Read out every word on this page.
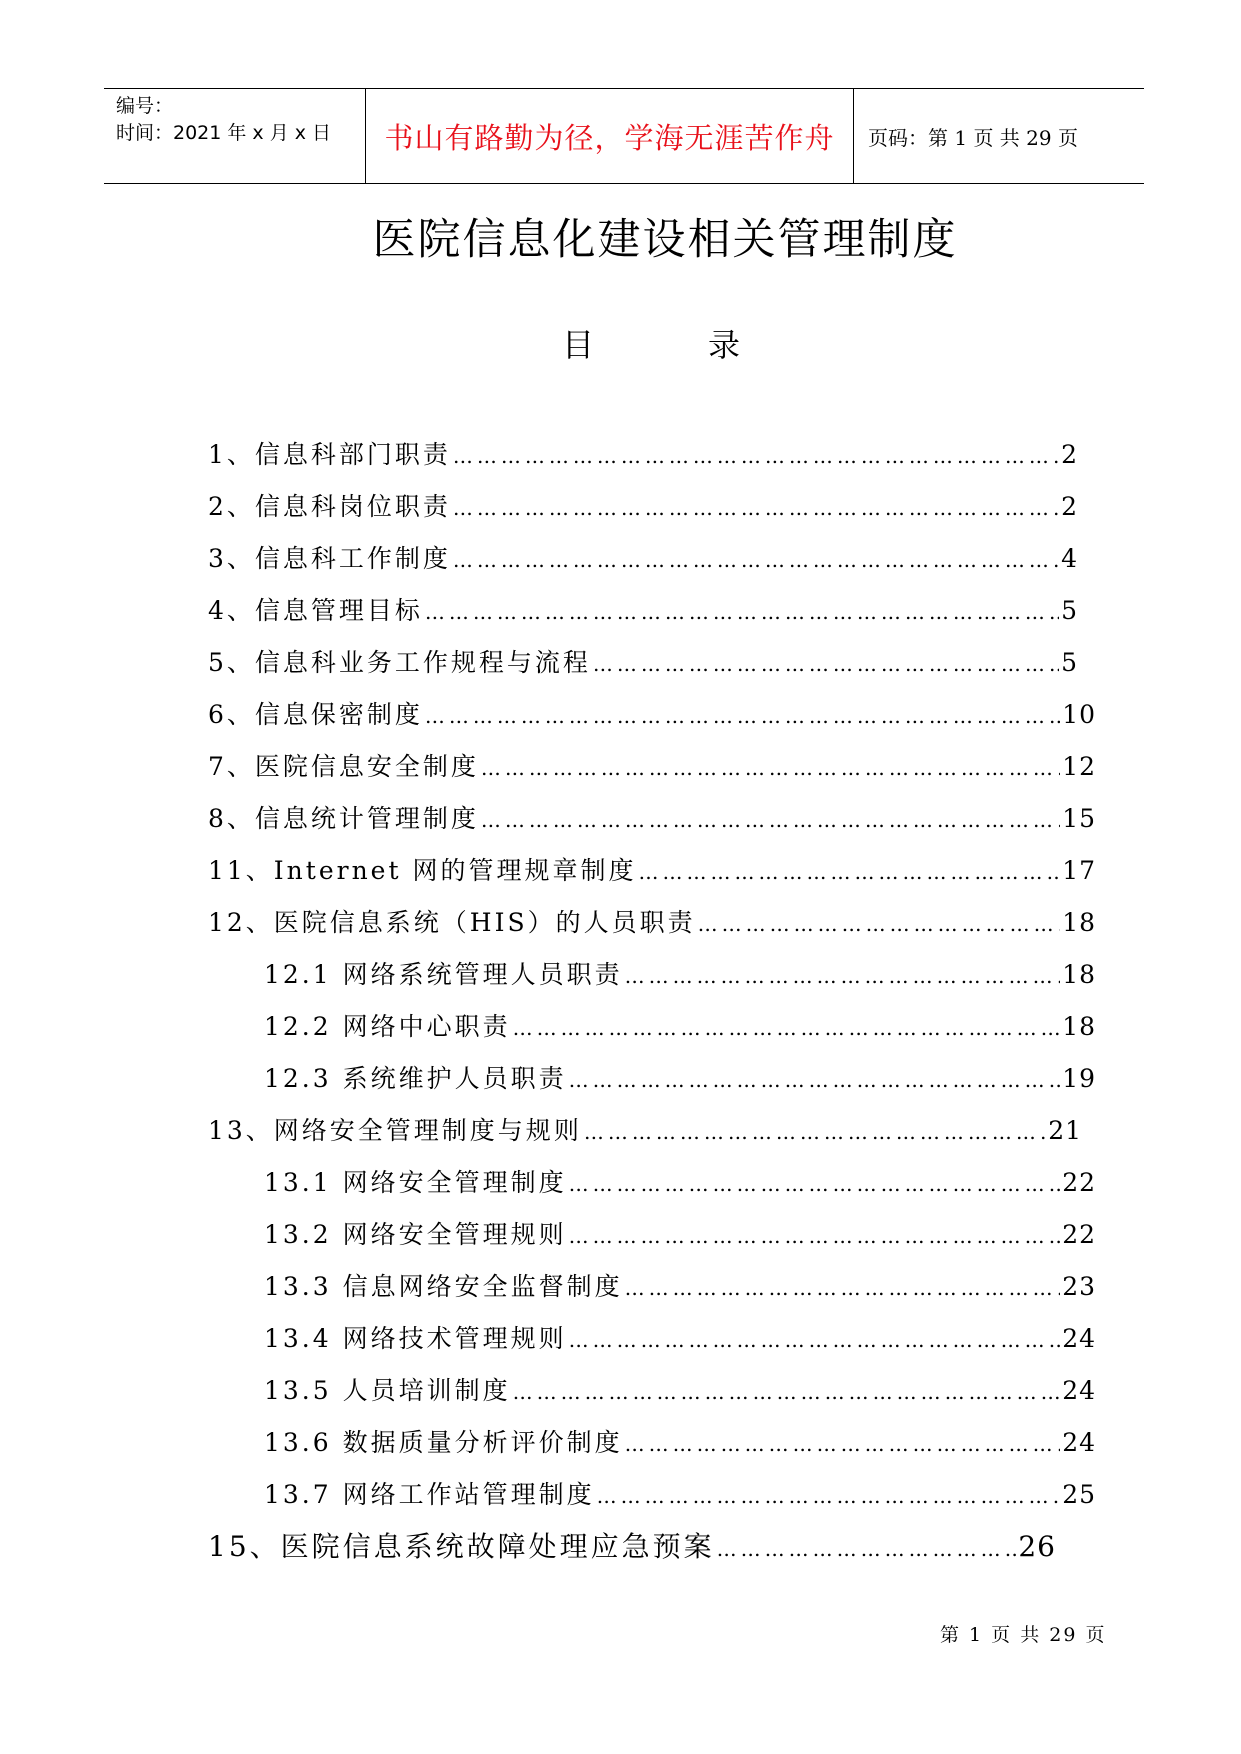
编号：
时间：2021 年 x 月 x 日	书山有路勤为径，学海无涯苦作舟 页码：第 1 页 共 29 页
医院信息化建设相关管理制度
目	录
1、信息科部门职责 …………………………………………………………………………………………………………………………………………………………	2
2、信息科岗位职责 …………………………………………………………………………………………………………………………………………………………	2
3、信息科工作制度 …………………………………………………………………………………………………………………………………………………………	4
4、信息管理目标 …………………………………………………………………………………………………………………………………………………………	5
5、信息科业务工作规程与流程 …………………………………………………………………………………………………………………………………………………………	5
6、信息保密制度 …………………………………………………………………………………………………………………………………………………………	10
7、医院信息安全制度 …………………………………………………………………………………………………………………………………………………………	12
8、信息统计管理制度 …………………………………………………………………………………………………………………………………………………………	15
11、Internet 网的管理规章制度 …………………………………………………………………………………………………………………………………………………………	17
12、医院信息系统（HIS）的人员职责 …………………………………………………………………………………………………………………………………………………………	18
12.1 网络系统管理人员职责 …………………………………………………………………………………………………………………………………………………………	18
12.2 网络中心职责 …………………………………………………………………………………………………………………………………………………………	18
12.3 系统维护人员职责 …………………………………………………………………………………………………………………………………………………………	19
13、网络安全管理制度与规则 …………………………………………………………………………………………………………………………………………………………	21
13.1 网络安全管理制度 …………………………………………………………………………………………………………………………………………………………	22
13.2 网络安全管理规则 …………………………………………………………………………………………………………………………………………………………	22
13.3 信息网络安全监督制度 …………………………………………………………………………………………………………………………………………………………	23
13.4 网络技术管理规则 …………………………………………………………………………………………………………………………………………………………	24
13.5 人员培训制度 …………………………………………………………………………………………………………………………………………………………	24
13.6 数据质量分析评价制度 …………………………………………………………………………………………………………………………………………………………	24
13.7 网络工作站管理制度 …………………………………………………………………………………………………………………………………………………………	25
15、医院信息系统故障处理应急预案 …………………………………………………………………………………………………………………………………………………………	26
第 1 页 共 29 页
